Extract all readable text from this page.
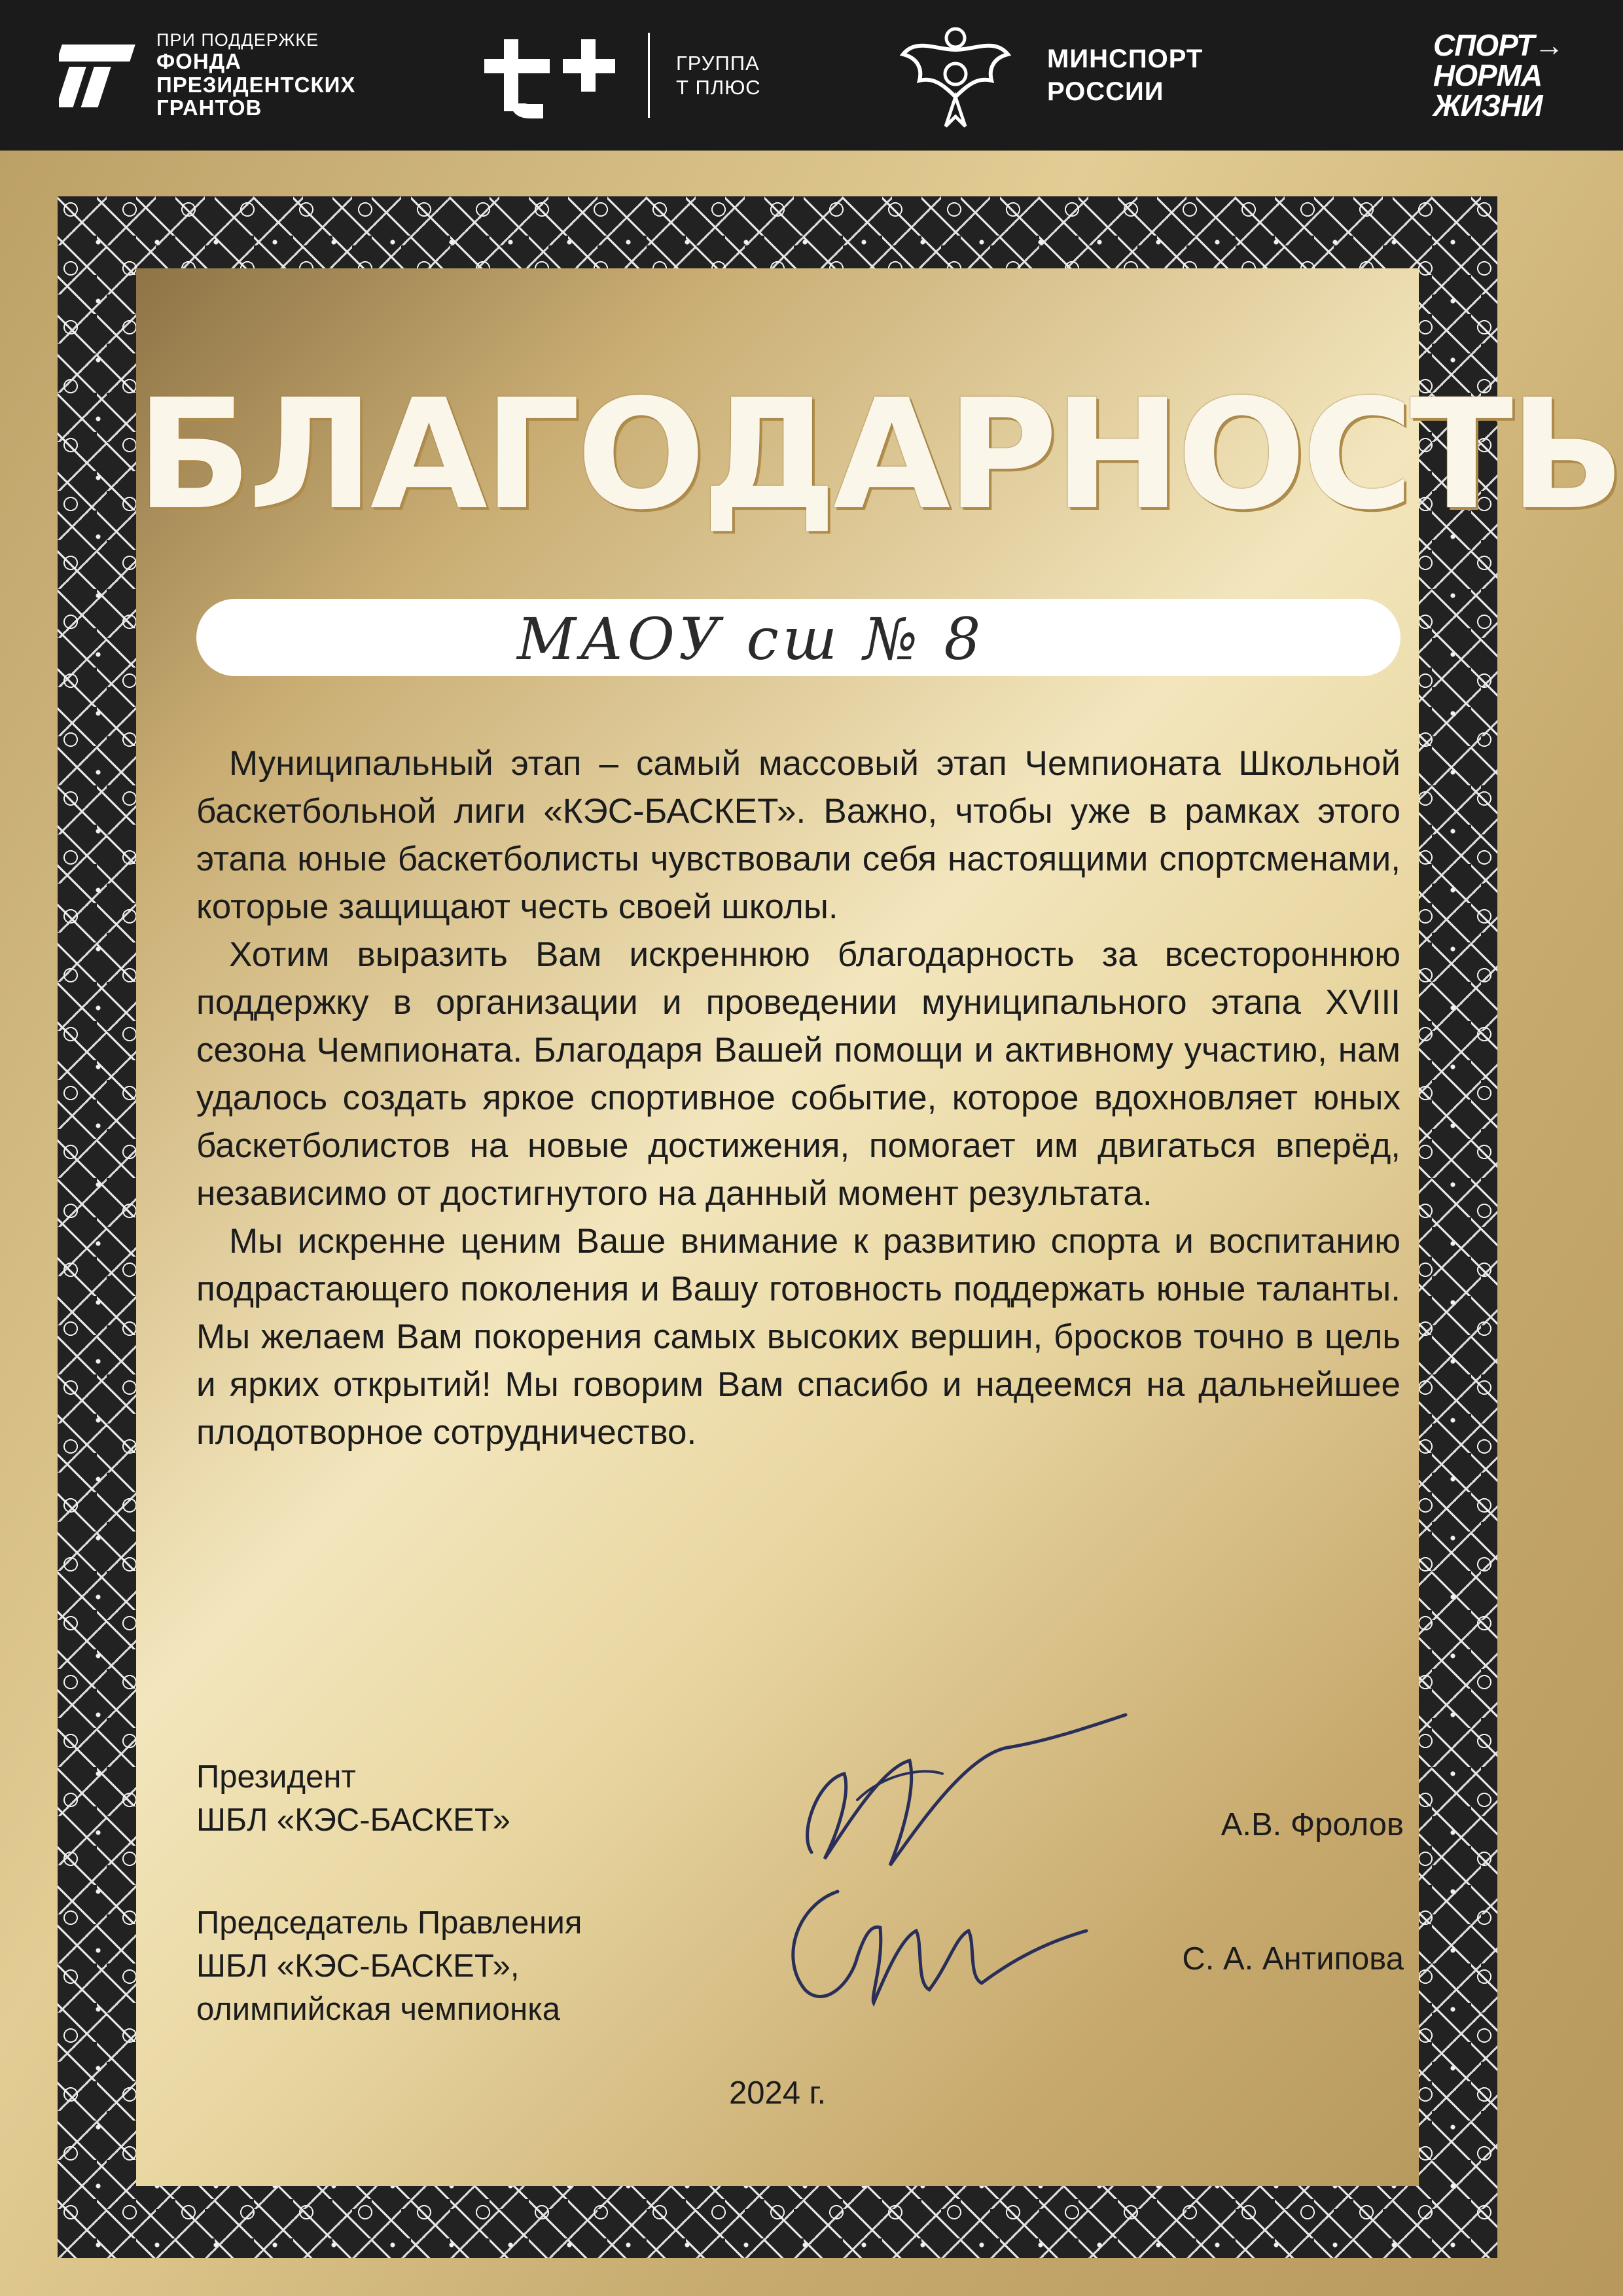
ПРИ ПОДДЕРЖКЕ
ФОНДА
ПРЕЗИДЕНТСКИХ
ГРАНТОВ
ГРУППА
Т ПЛЮС
МИНСПОРТ
РОССИИ
СПОРТ→
НОРМА
ЖИЗНИ
БЛАГОДАРНОСТЬ

МАОУ сш № 8

Муниципальный этап – самый массовый этап Чемпионата Школьной баскетбольной лиги «КЭС-БАСКЕТ». Важно, чтобы уже в рамках этого этапа юные баскетболисты чувствовали себя настоящими спортсменами, которые защищают честь своей школы.

Хотим выразить Вам искреннюю благодарность за всестороннюю поддержку в организации и проведении муниципального этапа XVIII сезона Чемпионата. Благодаря Вашей помощи и активному участию, нам удалось создать яркое спортивное событие, которое вдохновляет юных баскетболистов на новые достижения, помогает им двигаться вперёд, независимо от достигнутого на данный момент результата.

Мы искренне ценим Ваше внимание к развитию спорта и воспитанию подрастающего поколения и Вашу готовность поддержать юные таланты. Мы желаем Вам покорения самых высоких вершин, бросков точно в цель и ярких открытий! Мы говорим Вам спасибо и надеемся на дальнейшее плодотворное сотрудничество.

Президент
ШБЛ «КЭС-БАСКЕТ»	А.В. Фролов
Председатель Правления
ШБЛ «КЭС-БАСКЕТ»,
олимпийская чемпионка
С. А. Антипова
2024 г.
